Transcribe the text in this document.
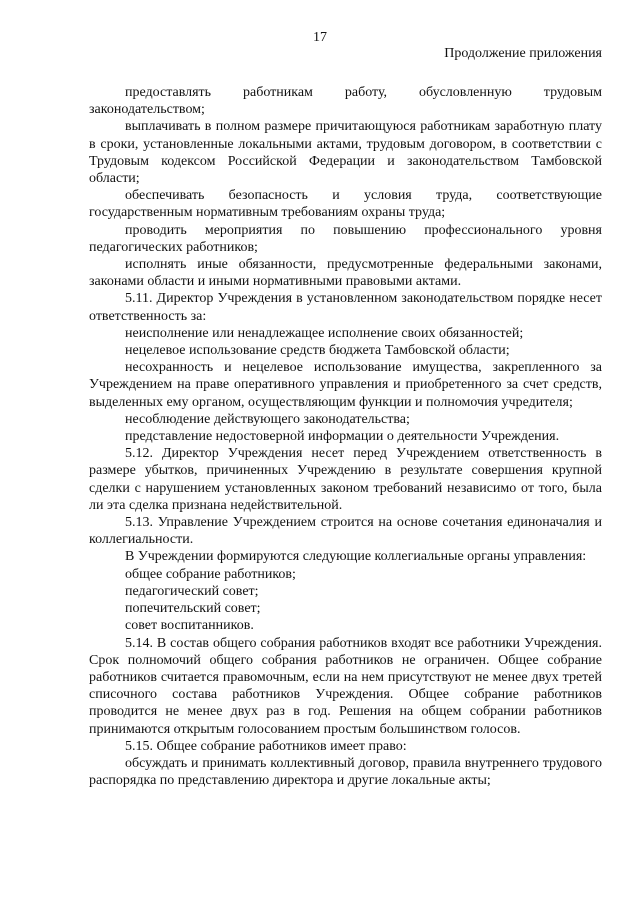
17
Продолжение приложения

предоставлять работникам работу, обусловленную трудовым законодательством;

выплачивать в полном размере причитающуюся работникам заработную плату в сроки, установленные локальными актами, трудовым договором, в соответствии с Трудовым кодексом Российской Федерации и законодательством Тамбовской области;

обеспечивать безопасность и условия труда, соответствующие государственным нормативным требованиям охраны труда;

проводить мероприятия по повышению профессионального уровня педагогических работников;

исполнять иные обязанности, предусмотренные федеральными законами, законами области и иными нормативными правовыми актами.

5.11. Директор Учреждения в установленном законодательством порядке несет ответственность за:

неисполнение или ненадлежащее исполнение своих обязанностей;

нецелевое использование средств бюджета Тамбовской области;

несохранность и нецелевое использование имущества, закрепленного за Учреждением на праве оперативного управления и приобретенного за счет средств, выделенных ему органом, осуществляющим функции и полномочия учредителя;

несоблюдение действующего законодательства;

представление недостоверной информации о деятельности Учреждения.

5.12. Директор Учреждения несет перед Учреждением ответственность в размере убытков, причиненных Учреждению в результате совершения крупной сделки с нарушением установленных законом требований независимо от того, была ли эта сделка признана недействительной.

5.13. Управление Учреждением строится на основе сочетания единоначалия и коллегиальности.

В Учреждении формируются следующие коллегиальные органы управления:

общее собрание работников;

педагогический совет;

попечительский совет;

совет воспитанников.

5.14. В состав общего собрания работников входят все работники Учреждения. Срок полномочий общего собрания работников не ограничен. Общее собрание работников считается правомочным, если на нем присутствуют не менее двух третей списочного состава работников Учреждения. Общее собрание работников проводится не менее двух раз в год. Решения на общем собрании работников принимаются открытым голосованием простым большинством голосов.

5.15. Общее собрание работников имеет право:

обсуждать и принимать коллективный договор, правила внутреннего трудового распорядка по представлению директора и другие локальные акты;
